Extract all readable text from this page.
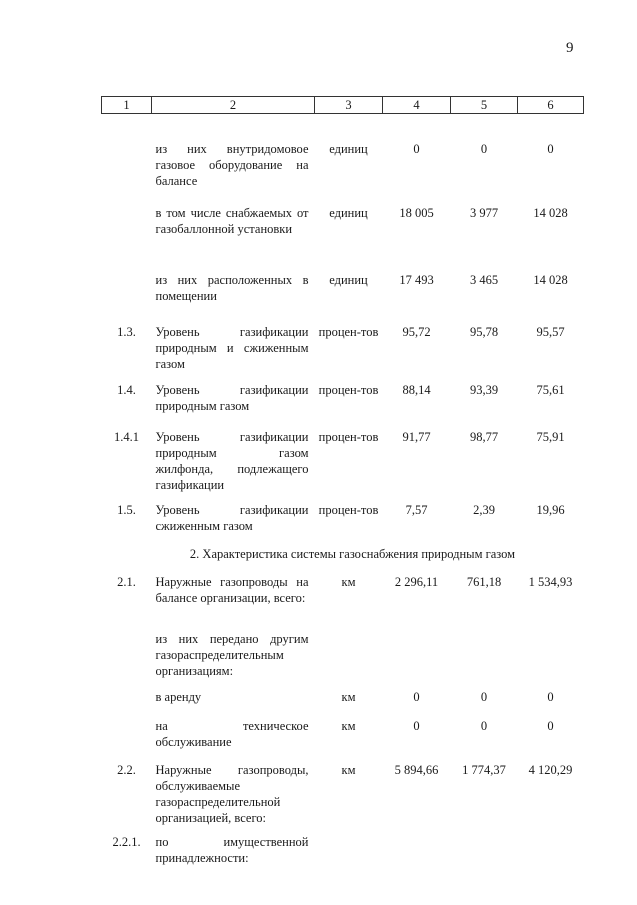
9
1	2	3	4	5	6
	из них внутридомовое газовое оборудование на балансе	единиц	0	0	0
	в том числе снабжаемых от газобаллонной установки	единиц	18 005	3 977	14 028
	из них расположенных в помещении	единиц	17 493	3 465	14 028
1.3.	Уровень газификации природным и сжиженным газом	процен-тов	95,72	95,78	95,57
1.4.	Уровень газификации природным газом	процен-тов	88,14	93,39	75,61
1.4.1	Уровень газификации природным газом жилфонда, подлежащего газификации	процен-тов	91,77	98,77	75,91
1.5.	Уровень газификации сжиженным газом	процен-тов	7,57	2,39	19,96
2. Характеристика системы газоснабжения природным газом					
2.1.	Наружные газопроводы на балансе организации, всего:	км	2 296,11	761,18	1 534,93
	из них передано другим газораспределительным организациям:				
	в аренду	км	0	0	0
	на техническое обслуживание	км	0	0	0
2.2.	Наружные газопроводы, обслуживаемые газораспределительной организацией, всего:	км	5 894,66	1 774,37	4 120,29
2.2.1.	по имущественной принадлежности:				
